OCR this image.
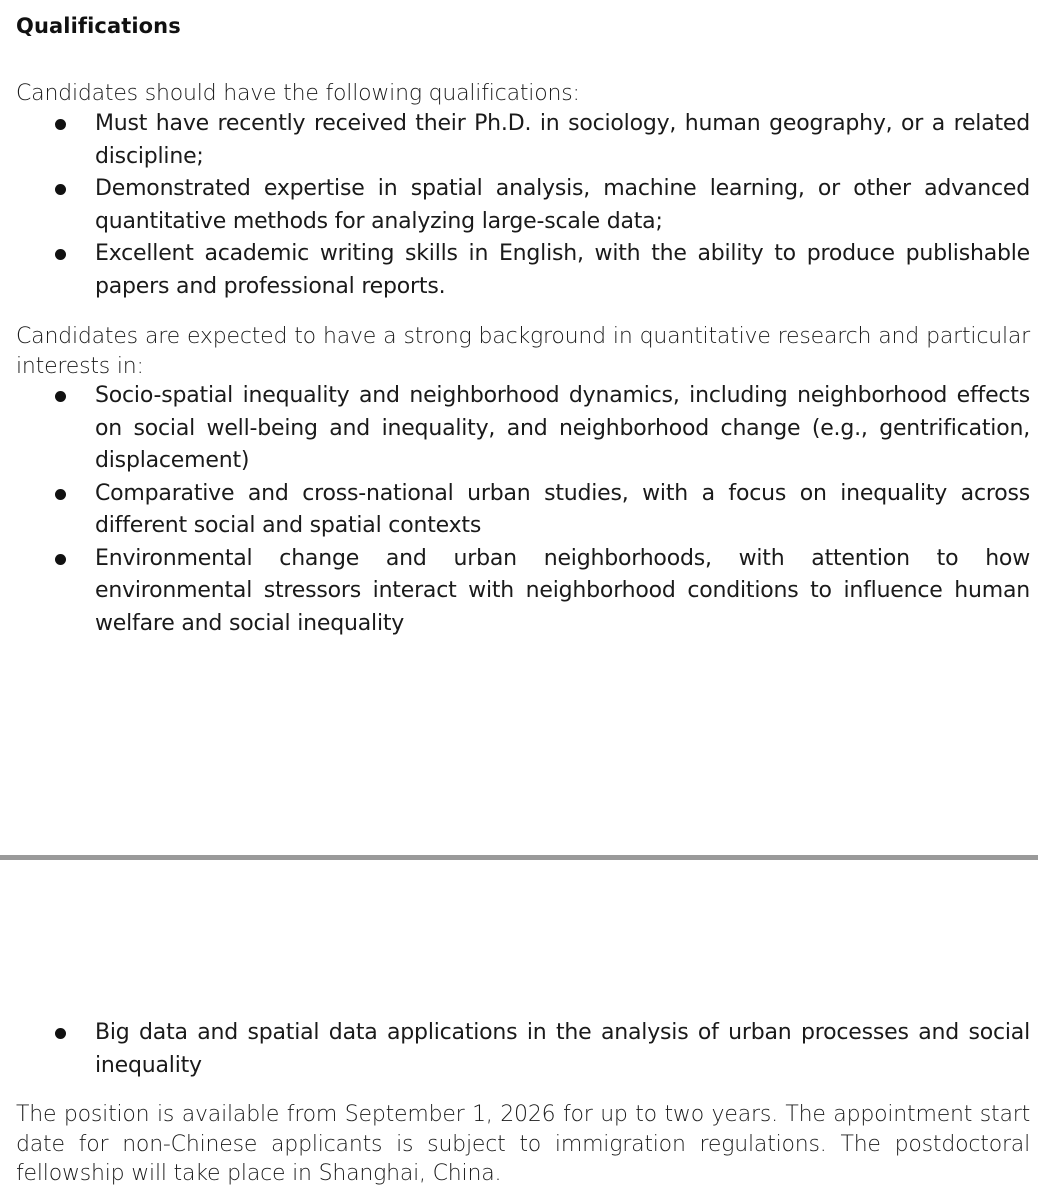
Qualifications
Candidates should have the following qualifications:
Must have recently received their Ph.D. in sociology, human geography, or a related discipline;
Demonstrated expertise in spatial analysis, machine learning, or other advanced quantitative methods for analyzing large-scale data;
Excellent academic writing skills in English, with the ability to produce publishable papers and professional reports.
Candidates are expected to have a strong background in quantitative research and particular interests in:
Socio-spatial inequality and neighborhood dynamics, including neighborhood effects on social well-being and inequality, and neighborhood change (e.g., gentrification, displacement)
Comparative and cross-national urban studies, with a focus on inequality across different social and spatial contexts
Environmental change and urban neighborhoods, with attention to how environmental stressors interact with neighborhood conditions to influence human welfare and social inequality
Big data and spatial data applications in the analysis of urban processes and social inequality
The position is available from September 1, 2026 for up to two years. The appointment start date for non-Chinese applicants is subject to immigration regulations. The postdoctoral fellowship will take place in Shanghai, China.
